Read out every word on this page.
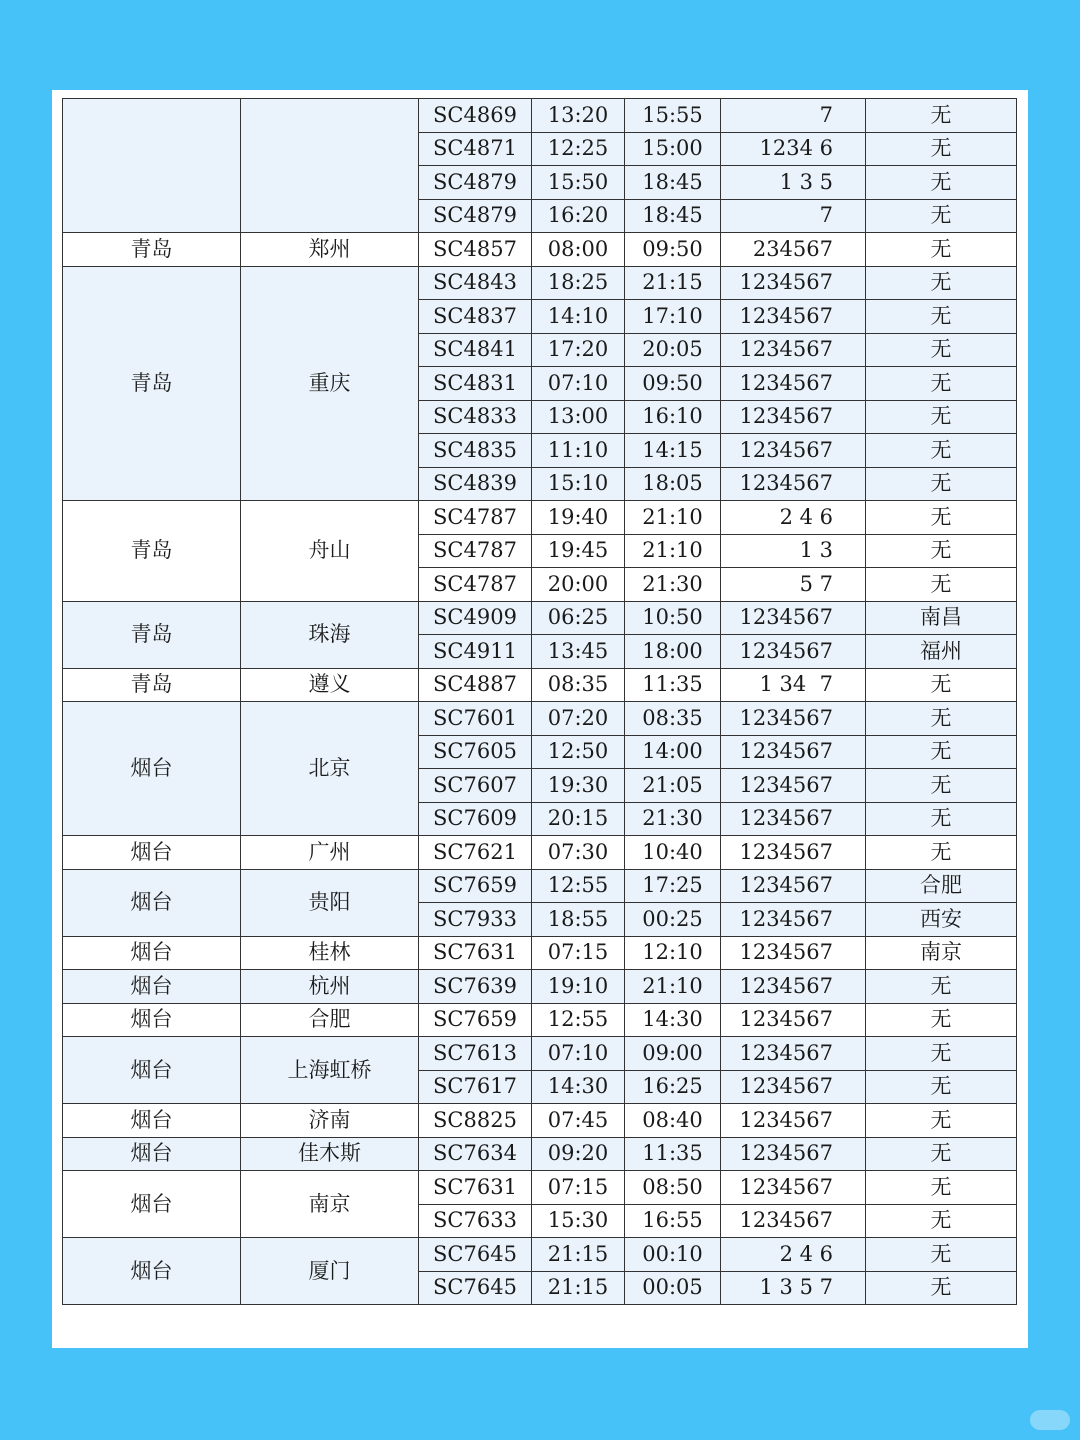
		SC4869	13:20	15:55	7	无
		SC4871	12:25	15:00	1234 6	无
		SC4879	15:50	18:45	1 3 5	无
		SC4879	16:20	18:45	7	无
青岛	郑州	SC4857	08:00	09:50	234567	无
青岛	重庆	SC4843	18:25	21:15	1234567	无
		SC4837	14:10	17:10	1234567	无
		SC4841	17:20	20:05	1234567	无
		SC4831	07:10	09:50	1234567	无
		SC4833	13:00	16:10	1234567	无
		SC4835	11:10	14:15	1234567	无
		SC4839	15:10	18:05	1234567	无
青岛	舟山	SC4787	19:40	21:10	2 4 6	无
		SC4787	19:45	21:10	1 3	无
		SC4787	20:00	21:30	5 7	无
青岛	珠海	SC4909	06:25	10:50	1234567	南昌
		SC4911	13:45	18:00	1234567	福州
青岛	遵义	SC4887	08:35	11:35	1 34  7	无
烟台	北京	SC7601	07:20	08:35	1234567	无
		SC7605	12:50	14:00	1234567	无
		SC7607	19:30	21:05	1234567	无
		SC7609	20:15	21:30	1234567	无
烟台	广州	SC7621	07:30	10:40	1234567	无
烟台	贵阳	SC7659	12:55	17:25	1234567	合肥
		SC7933	18:55	00:25	1234567	西安
烟台	桂林	SC7631	07:15	12:10	1234567	南京
烟台	杭州	SC7639	19:10	21:10	1234567	无
烟台	合肥	SC7659	12:55	14:30	1234567	无
烟台	上海虹桥	SC7613	07:10	09:00	1234567	无
		SC7617	14:30	16:25	1234567	无
烟台	济南	SC8825	07:45	08:40	1234567	无
烟台	佳木斯	SC7634	09:20	11:35	1234567	无
烟台	南京	SC7631	07:15	08:50	1234567	无
		SC7633	15:30	16:55	1234567	无
烟台	厦门	SC7645	21:15	00:10	2 4 6	无
		SC7645	21:15	00:05	1 3 5 7	无
